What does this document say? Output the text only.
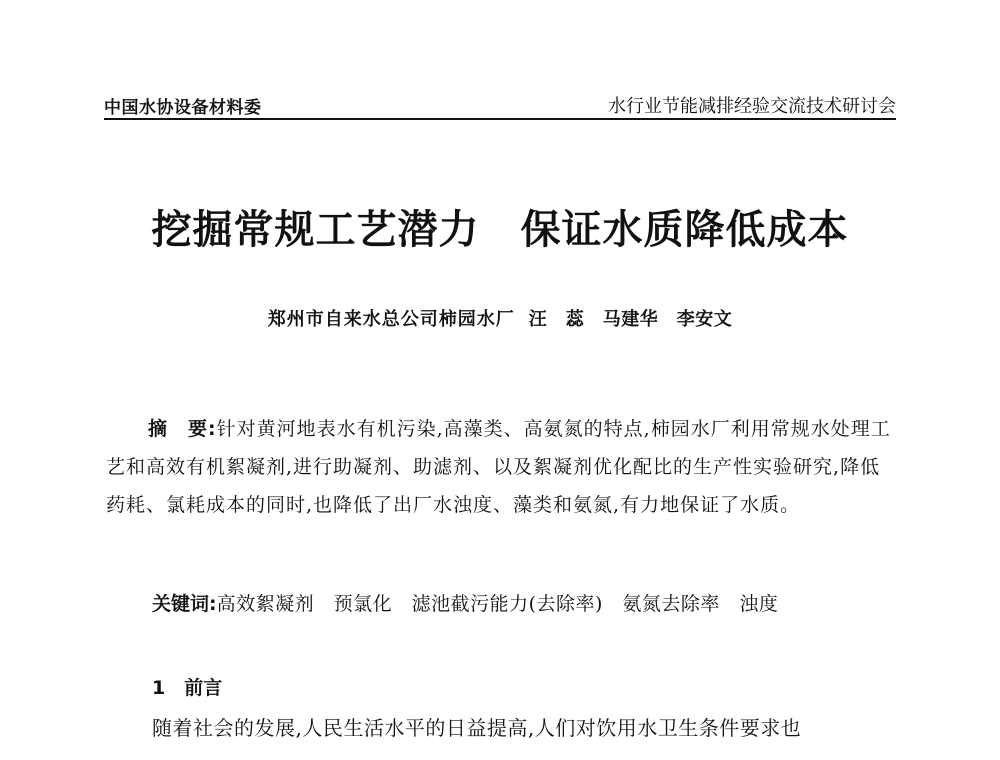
中国水协设备材料委	水行业节能减排经验交流技术研讨会
挖掘常规工艺潜力　保证水质降低成本
郑州市自来水总公司柿园水厂 汪　蕊　马建华　李安文
摘　要:针对黄河地表水有机污染,高藻类、高氨氮的特点,柿园水厂利用常规水处理工艺和高效有机絮凝剂,进行助凝剂、助滤剂、以及絮凝剂优化配比的生产性实验研究,降低药耗、氯耗成本的同时,也降低了出厂水浊度、藻类和氨氮,有力地保证了水质。
关键词:高效絮凝剂　预氯化　滤池截污能力(去除率)　氨氮去除率　浊度
1　前言
随着社会的发展,人民生活水平的日益提高,人们对饮用水卫生条件要求也
